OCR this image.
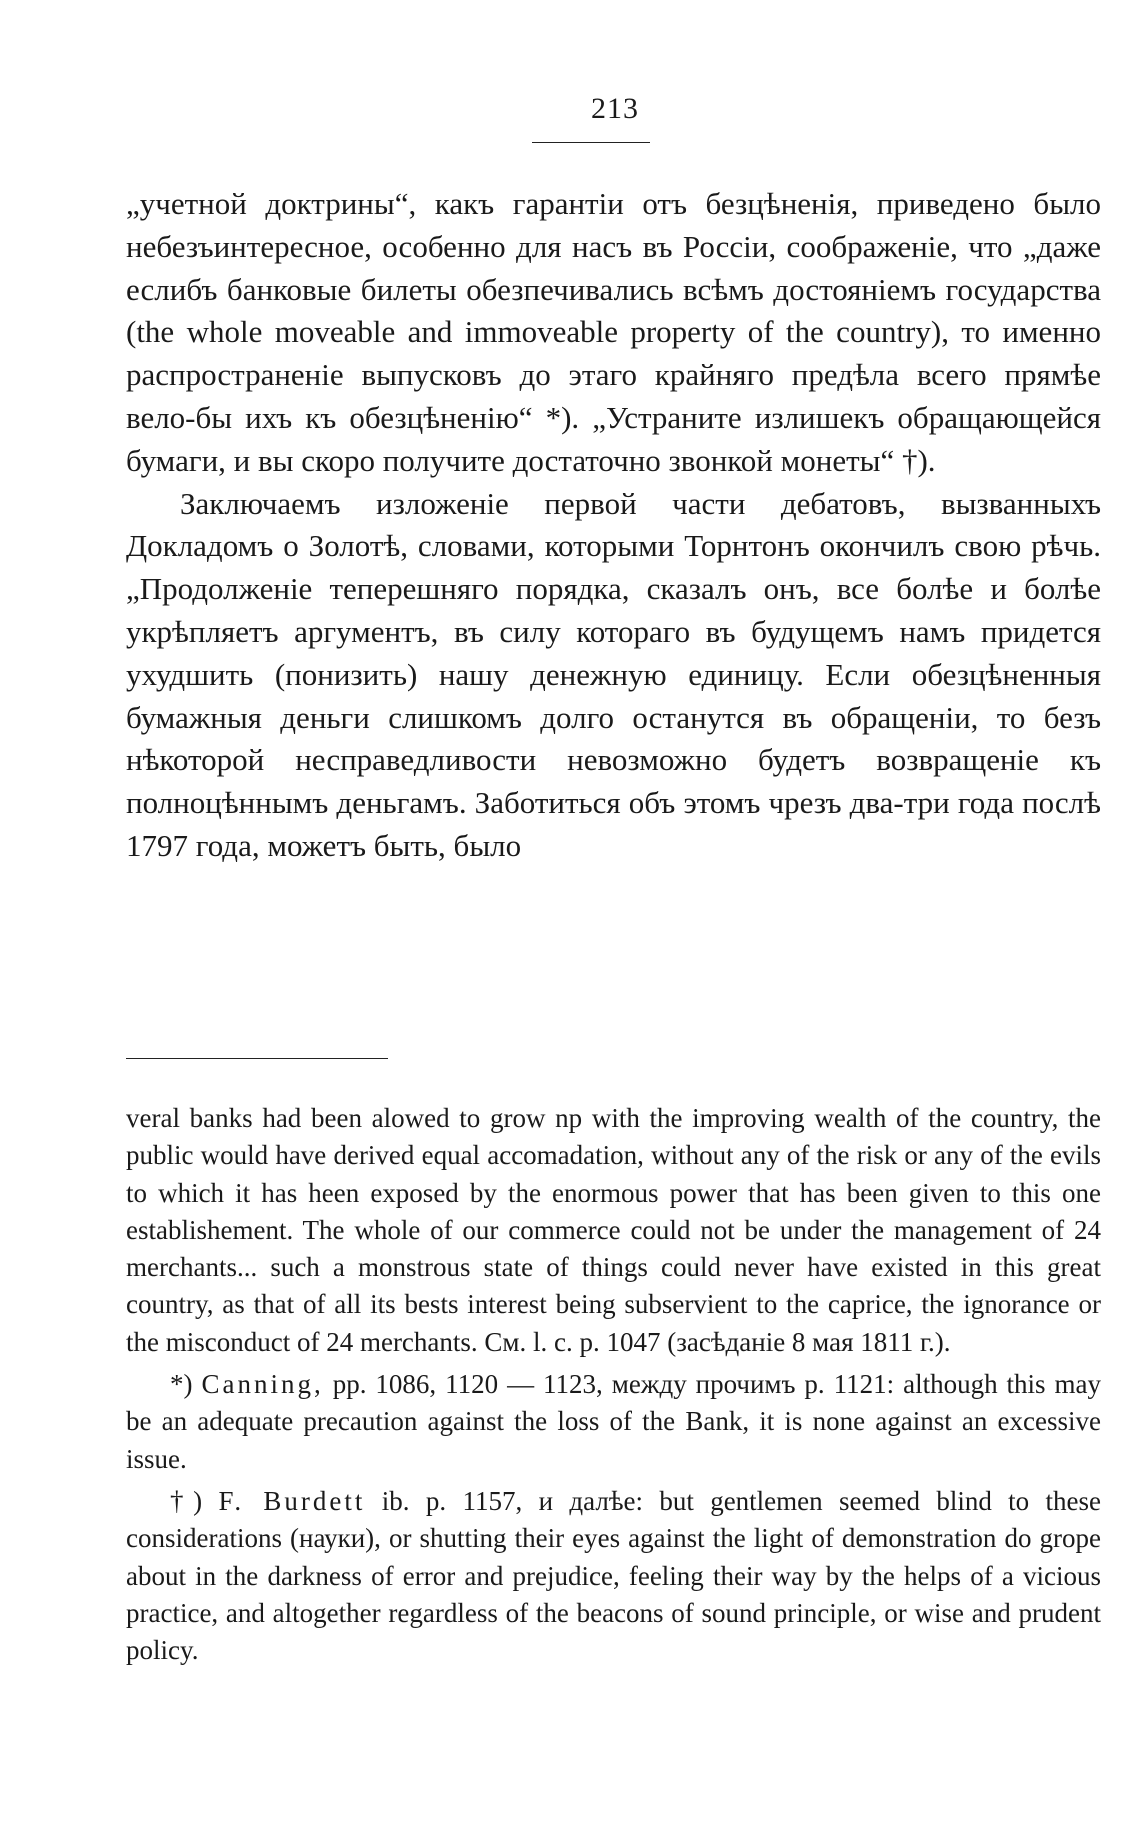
213

„учетной доктрины“, какъ гарантіи отъ безцѣненія, приведено было небезъинтересное, особенно для насъ въ Россіи, соображеніе, что „даже еслибъ банковые билеты обезпечивались всѣмъ достояніемъ государства (the whole moveable and immoveable property of the country), то именно распространеніе выпусковъ до этаго крайняго предѣла всего прямѣе вело-бы ихъ къ обезцѣненію“ *). „Устраните излишекъ обращающейся бумаги, и вы скоро получите достаточно звонкой монеты“ †).

Заключаемъ изложеніе первой части дебатовъ, вызванныхъ Докладомъ о Золотѣ, словами, которыми Торнтонъ окончилъ свою рѣчь. „Продолженіе теперешняго порядка, сказалъ онъ, все болѣе и болѣе укрѣпляетъ аргументъ, въ силу котораго въ будущемъ намъ придется ухудшить (понизить) нашу денежную единицу. Если обезцѣненныя бумажныя деньги слишкомъ долго останутся въ обращеніи, то безъ нѣкоторой несправедливости невозможно будетъ возвращеніе къ полноцѣннымъ деньгамъ. Заботиться объ этомъ чрезъ два-три года послѣ 1797 года, можетъ быть, было

veral banks had been alowed to grow np with the improving wealth of the country, the public would have derived equal accomadation, without any of the risk or any of the evils to which it has heen exposed by the enormous power that has been given to this one establishement. The whole of our commerce could not be under the management of 24 merchants... such a monstrous state of things could never have existed in this great country, as that of all its bests interest being subservient to the caprice, the ignorance or the misconduct of 24 merchants. См. l. c. p. 1047 (засѣданіе 8 мая 1811 г.).

*) Canning, pp. 1086, 1120 — 1123, между прочимъ p. 1121: although this may be an adequate precaution against the loss of the Bank, it is none against an excessive issue.

†) F. Burdett ib. p. 1157, и далѣе: but gentlemen seemed blind to these considerations (науки), or shutting their eyes against the light of demonstration do grope about in the darkness of error and prejudice, feeling their way by the helps of a vicious practice, and altogether regardless of the beacons of sound principle, or wise and prudent policy.
